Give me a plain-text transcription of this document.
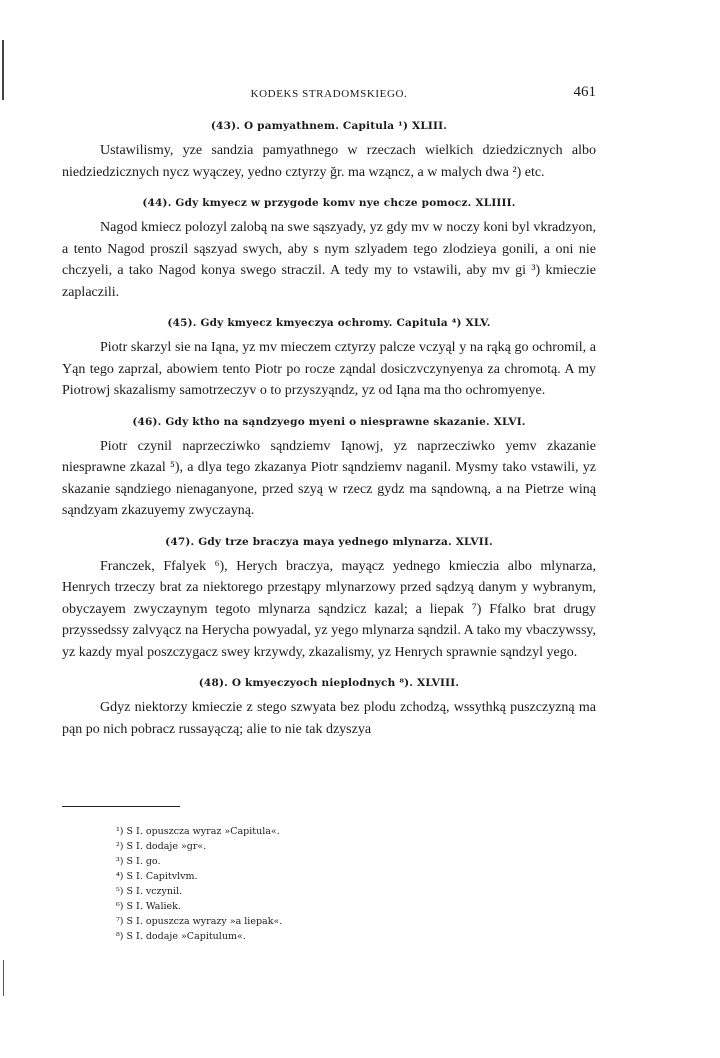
KODEKS STRADOMSKIEGO.	461
(43). O pamyathnem. Capitula ¹) XLIII.

Ustawilismy, yze sandzia pamyathnego w rzeczach wielkich dziedzicznych albo niedziedzicznych nycz wyączey, yedno cztyrzy ğr. ma wząncz, a w malych dwa ²) etc.

(44). Gdy kmyecz w przygode komv nye chcze pomocz. XLIIII.

Nagod kmiecz polozyl zalobą na swe sąszyady, yz gdy mv w noczy koni byl vkradzyon, a tento Nagod proszil sąszyad swych, aby s nym szlyadem tego zlodzieya gonili, a oni nie chczyeli, a tako Nagod konya swego straczil. A tedy my to vstawili, aby mv gi ³) kmieczie zaplaczili.

(45). Gdy kmyecz kmyeczya ochromy. Capitula ⁴) XLV.

Piotr skarzyl sie na Iąna, yz mv mieczem cztyrzy palcze vczyąl y na rąką go ochromil, a Yąn tego zaprzal, abowiem tento Piotr po rocze ząndal dosiczvczynyenya za chromotą. A my Piotrowj skazalismy samotrzeczyv o to przyszyąndz, yz od Iąna ma tho ochromyenye.

(46). Gdy ktho na sąndzyego myeni o niesprawne skazanie. XLVI.

Piotr czynil naprzecziwko sąndziemv Iąnowj, yz naprzecziwko yemv zkazanie niesprawne zkazal ⁵), a dlya tego zkazanya Piotr sąndziemv naganil. Mysmy tako vstawili, yz skazanie sąndziego nienaganyone, przed szyą w rzecz gydz ma sąndowną, a na Pietrze winą sąndzyam zkazuyemy zwyczayną.

(47). Gdy trze braczya maya yednego mlynarza. XLVII.

Franczek, Ffalyek ⁶), Herych braczya, mayącz yednego kmieczia albo mlynarza, Henrych trzeczy brat za niektorego przestąpy mlynarzowy przed sądzyą danym y wybranym, obyczayem zwyczaynym tegoto mlynarza sąndzicz kazal; a liepak ⁷) Ffalko brat drugy przyssedssy zalvyącz na Herycha powyadal, yz yego mlynarza sąndzil. A tako my vbaczywssy, yz kazdy myal poszczygacz swey krzywdy, zkazalismy, yz Henrych sprawnie sąndzyl yego.

(48). O kmyeczyoch nieplodnych ⁸). XLVIII.

Gdyz niektorzy kmieczie z stego szwyata bez plodu zchodzą, wssythką puszczyzną ma pąn po nich pobracz russayączą; alie to nie tak dzyszya

¹) S I. opuszcza wyraz »Capitula«.
²) S I. dodaje »gr«.
³) S I. go.
⁴) S I. Capitvlvm.
⁵) S I. vczynil.
⁶) S I. Waliek.
⁷) S I. opuszcza wyrazy »a liepak«.
⁸) S I. dodaje »Capitulum«.
